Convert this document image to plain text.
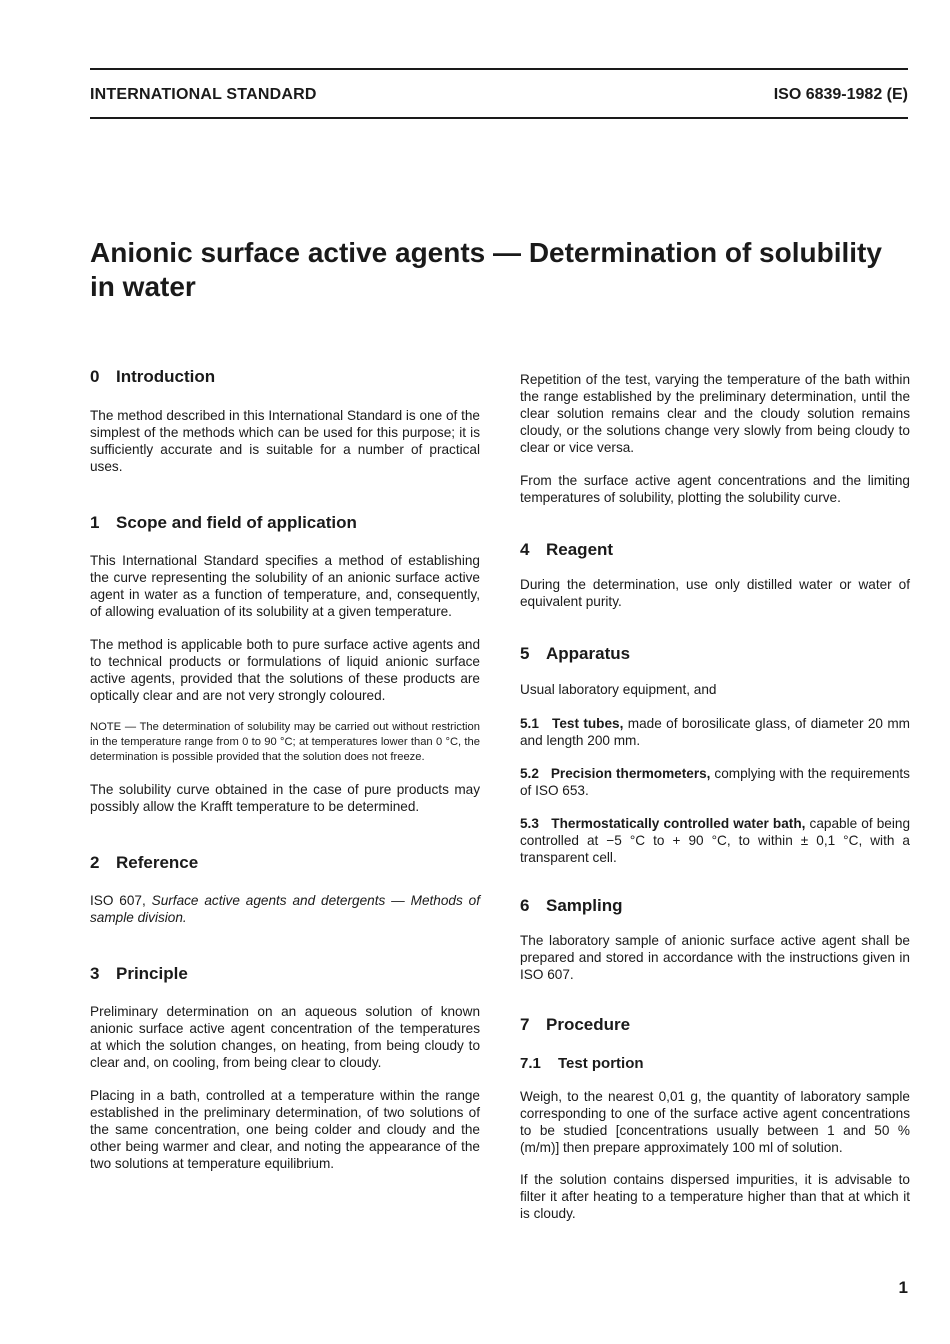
INTERNATIONAL STANDARD	ISO 6839-1982 (E)
Anionic surface active agents — Determination of solubility in water
0 Introduction

The method described in this International Standard is one of the simplest of the methods which can be used for this purpose; it is sufficiently accurate and is suitable for a number of practical uses.

1 Scope and field of application

This International Standard specifies a method of establishing the curve representing the solubility of an anionic surface active agent in water as a function of temperature, and, consequently, of allowing evaluation of its solubility at a given temperature.

The method is applicable both to pure surface active agents and to technical products or formulations of liquid anionic surface active agents, provided that the solutions of these products are optically clear and are not very strongly coloured.

NOTE — The determination of solubility may be carried out without restriction in the temperature range from 0 to 90 °C; at temperatures lower than 0 °C, the determination is possible provided that the solution does not freeze.

The solubility curve obtained in the case of pure products may possibly allow the Krafft temperature to be determined.

2 Reference

ISO 607, Surface active agents and detergents — Methods of sample division.

3 Principle

Preliminary determination on an aqueous solution of known anionic surface active agent concentration of the temperatures at which the solution changes, on heating, from being cloudy to clear and, on cooling, from being clear to cloudy.

Placing in a bath, controlled at a temperature within the range established in the preliminary determination, of two solutions of the same concentration, one being colder and cloudy and the other being warmer and clear, and noting the appearance of the two solutions at temperature equilibrium.

Repetition of the test, varying the temperature of the bath within the range established by the preliminary determination, until the clear solution remains clear and the cloudy solution remains cloudy, or the solutions change very slowly from being cloudy to clear or vice versa.

From the surface active agent concentrations and the limiting temperatures of solubility, plotting the solubility curve.

4 Reagent

During the determination, use only distilled water or water of equivalent purity.

5 Apparatus

Usual laboratory equipment, and

5.1 Test tubes, made of borosilicate glass, of diameter 20 mm and length 200 mm.

5.2 Precision thermometers, complying with the requirements of ISO 653.

5.3 Thermostatically controlled water bath, capable of being controlled at −5 °C to + 90 °C, to within ± 0,1 °C, with a transparent cell.

6 Sampling

The laboratory sample of anionic surface active agent shall be prepared and stored in accordance with the instructions given in ISO 607.

7 Procedure
7.1 Test portion

Weigh, to the nearest 0,01 g, the quantity of laboratory sample corresponding to one of the surface active agent concentrations to be studied [concentrations usually between 1 and 50 % (m/m)] then prepare approximately 100 ml of solution.

If the solution contains dispersed impurities, it is advisable to filter it after heating to a temperature higher than that at which it is cloudy.

1
